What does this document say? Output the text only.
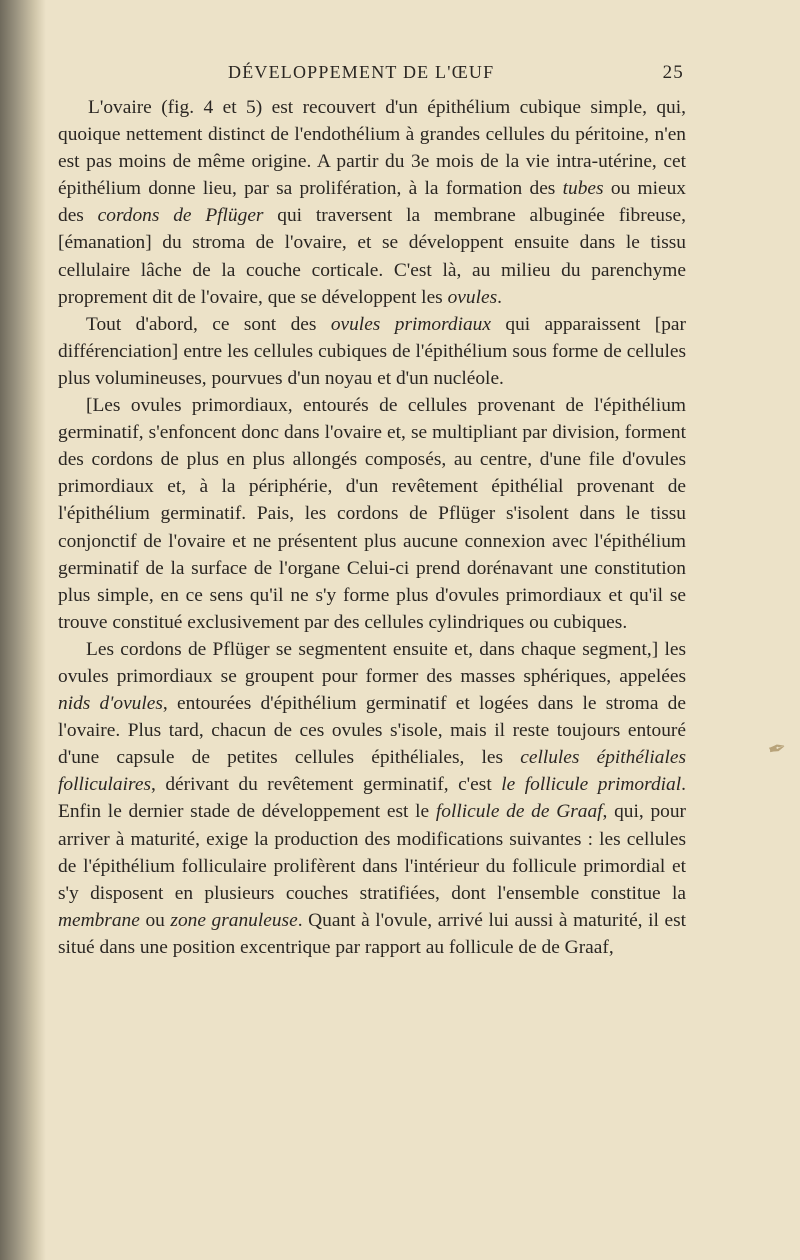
DÉVELOPPEMENT DE L'ŒUF	25

L'ovaire (fig. 4 et 5) est recouvert d'un épithélium cubique simple, qui, quoique nettement distinct de l'endothélium à grandes cellules du péritoine, n'en est pas moins de même origine. A partir du 3e mois de la vie intra-utérine, cet épithélium donne lieu, par sa prolifération, à la formation des tubes ou mieux des cordons de Pflüger qui traversent la membrane albuginée fibreuse, [émanation] du stroma de l'ovaire, et se développent ensuite dans le tissu cellulaire lâche de la couche corticale. C'est là, au milieu du parenchyme proprement dit de l'ovaire, que se développent les ovules.

Tout d'abord, ce sont des ovules primordiaux qui apparaissent [par différenciation] entre les cellules cubiques de l'épithélium sous forme de cellules plus volumineuses, pourvues d'un noyau et d'un nucléole.

[Les ovules primordiaux, entourés de cellules provenant de l'épithélium germinatif, s'enfoncent donc dans l'ovaire et, se multipliant par division, forment des cordons de plus en plus allongés composés, au centre, d'une file d'ovules primordiaux et, à la périphérie, d'un revêtement épithélial provenant de l'épithélium germinatif. Pais, les cordons de Pflüger s'isolent dans le tissu conjonctif de l'ovaire et ne présentent plus aucune connexion avec l'épithélium germinatif de la surface de l'organe Celui-ci prend dorénavant une constitution plus simple, en ce sens qu'il ne s'y forme plus d'ovules primordiaux et qu'il se trouve constitué exclusivement par des cellules cylindriques ou cubiques.

Les cordons de Pflüger se segmentent ensuite et, dans chaque segment,] les ovules primordiaux se groupent pour former des masses sphériques, appelées nids d'ovules, entourées d'épithélium germinatif et logées dans le stroma de l'ovaire. Plus tard, chacun de ces ovules s'isole, mais il reste toujours entouré d'une capsule de petites cellules épithéliales, les cellules épithéliales folliculaires, dérivant du revêtement germinatif, c'est le follicule primordial. Enfin le dernier stade de développement est le follicule de de Graaf, qui, pour arriver à maturité, exige la production des modifications suivantes : les cellules de l'épithélium folliculaire prolifèrent dans l'intérieur du follicule primordial et s'y disposent en plusieurs couches stratifiées, dont l'ensemble constitue la membrane ou zone granuleuse. Quant à l'ovule, arrivé lui aussi à maturité, il est situé dans une position excentrique par rapport au follicule de de Graaf,

✒
